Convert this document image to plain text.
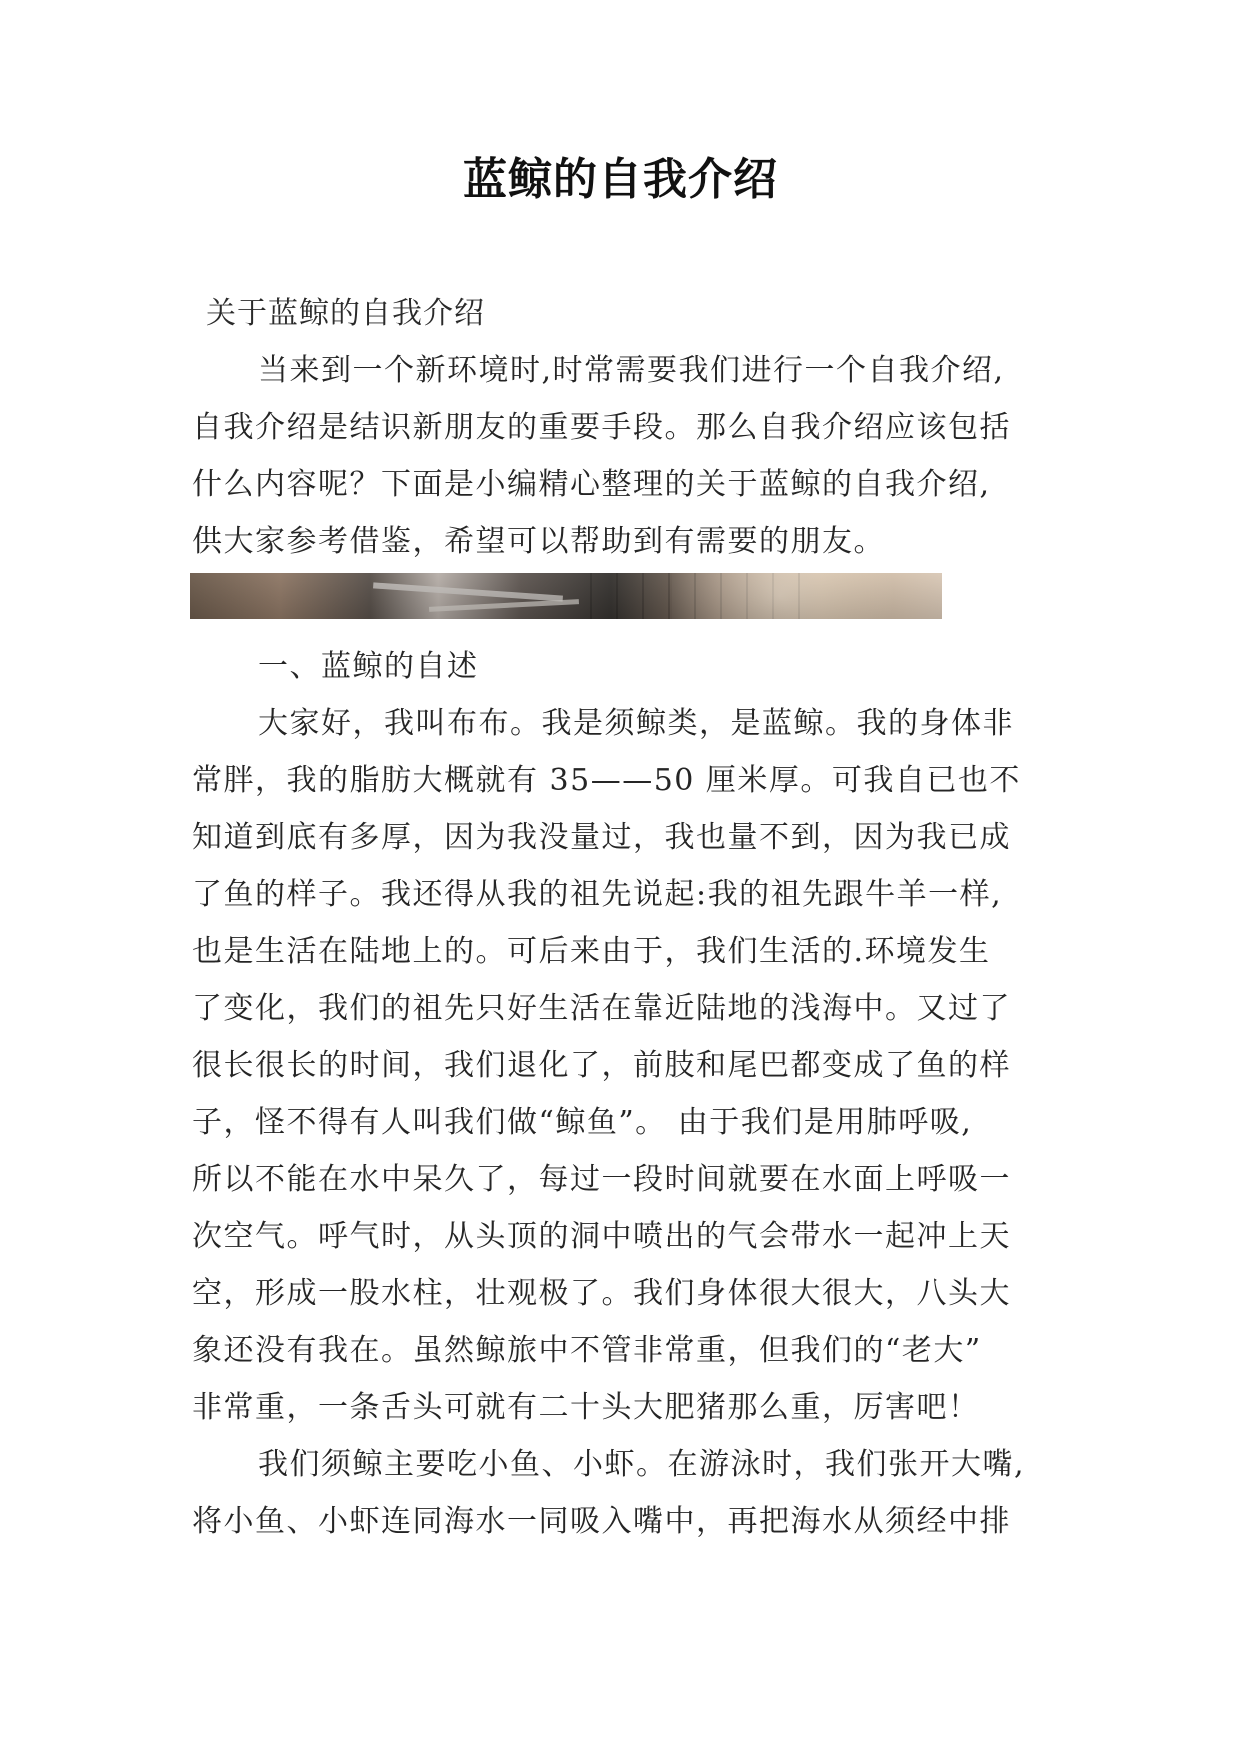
蓝鲸的自我介绍
关于蓝鲸的自我介绍
当来到一个新环境时,时常需要我们进行一个自我介绍,
自我介绍是结识新朋友的重要手段。那么自我介绍应该包括
什么内容呢？下面是小编精心整理的关于蓝鲸的自我介绍,
供大家参考借鉴，希望可以帮助到有需要的朋友。
一、蓝鲸的自述
大家好，我叫布布。我是须鲸类，是蓝鲸。我的身体非
常胖，我的脂肪大概就有 35——50 厘米厚。可我自已也不
知道到底有多厚，因为我没量过，我也量不到，因为我已成
了鱼的样子。我还得从我的祖先说起:我的祖先跟牛羊一样,
也是生活在陆地上的。可后来由于，我们生活的.环境发生
了变化，我们的祖先只好生活在靠近陆地的浅海中。又过了
很长很长的时间，我们退化了，前肢和尾巴都变成了鱼的样
子，怪不得有人叫我们做“鲸鱼”。 由于我们是用肺呼吸,
所以不能在水中呆久了，每过一段时间就要在水面上呼吸一
次空气。呼气时，从头顶的洞中喷出的气会带水一起冲上天
空，形成一股水柱，壮观极了。我们身体很大很大，八头大
象还没有我在。虽然鲸旅中不管非常重，但我们的“老大”
非常重，一条舌头可就有二十头大肥猪那么重，厉害吧！
我们须鲸主要吃小鱼、小虾。在游泳时，我们张开大嘴,
将小鱼、小虾连同海水一同吸入嘴中，再把海水从须经中排
